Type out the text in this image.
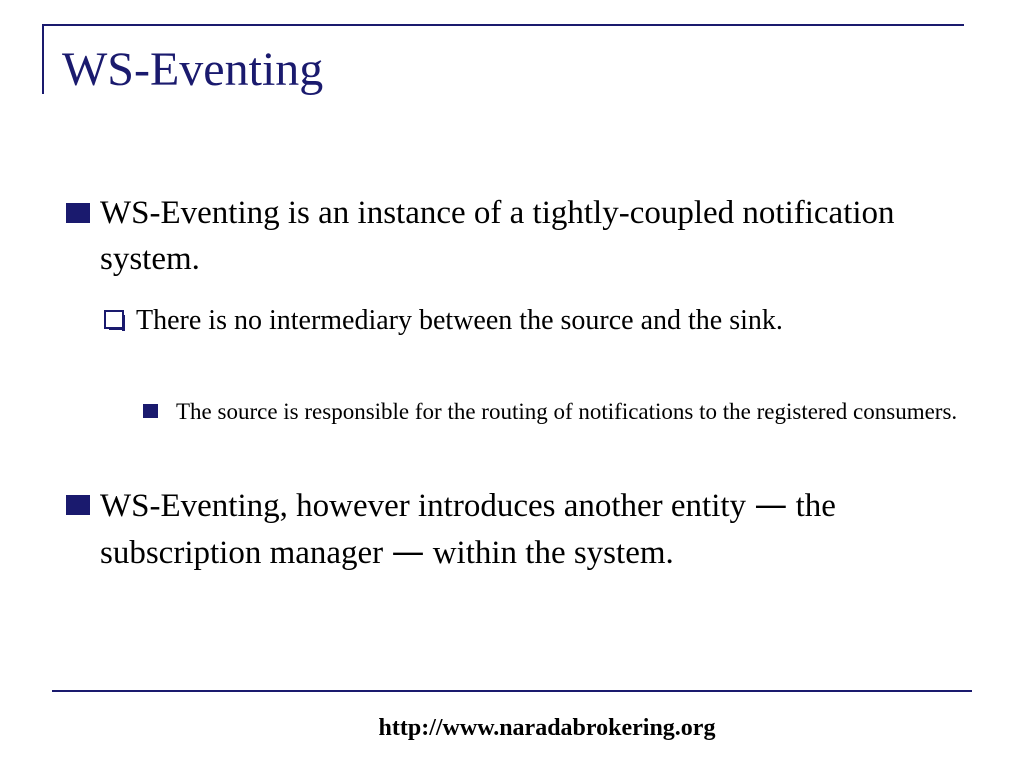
WS-Eventing
WS-Eventing is an instance of a tightly-coupled notification system.
There is no intermediary between the source and the sink.
The source is responsible for the routing of notifications to the registered consumers.
WS-Eventing, however introduces another entity — the subscription manager — within the system.
http://www.naradabrokering.org
